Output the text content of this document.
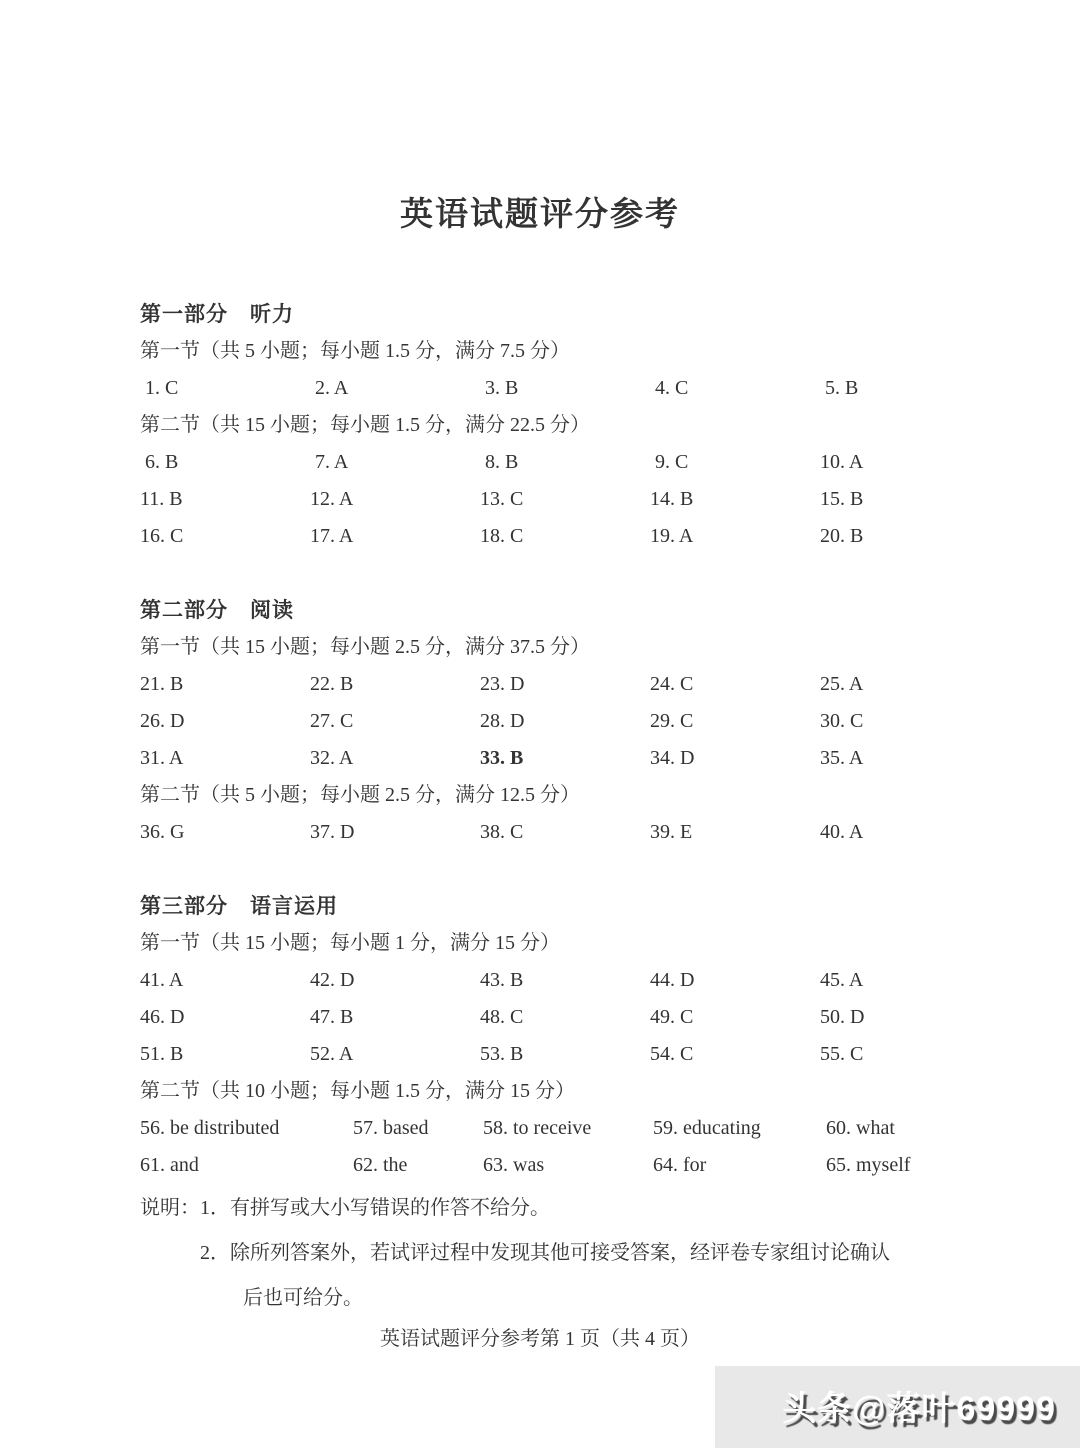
英语试题评分参考
第一部分　听力
第一节（共 5 小题；每小题 1.5 分，满分 7.5 分）
1. C	2. A	3. B	4. C	5. B
第二节（共 15 小题；每小题 1.5 分，满分 22.5 分）
6. B	7. A	8. B	9. C	10. A
11. B	12. A	13. C	14. B	15. B
16. C	17. A	18. C	19. A	20. B
第二部分　阅读
第一节（共 15 小题；每小题 2.5 分，满分 37.5 分）
21. B	22. B	23. D	24. C	25. A
26. D	27. C	28. D	29. C	30. C
31. A	32. A	33. B	34. D	35. A
第二节（共 5 小题；每小题 2.5 分，满分 12.5 分）
36. G	37. D	38. C	39. E	40. A
第三部分　语言运用
第一节（共 15 小题；每小题 1 分，满分 15 分）
41. A	42. D	43. B	44. D	45. A
46. D	47. B	48. C	49. C	50. D
51. B	52. A	53. B	54. C	55. C
第二节（共 10 小题；每小题 1.5 分，满分 15 分）
56. be distributed	57. based	58. to receive	59. educating	60. what
61. and	62. the	63. was	64. for	65. myself
说明： 1．有拼写或大小写错误的作答不给分。
2．除所列答案外，若试评过程中发现其他可接受答案，经评卷专家组讨论确认
后也可给分。
英语试题评分参考第 1 页（共 4 页）
头条@落叶69999
